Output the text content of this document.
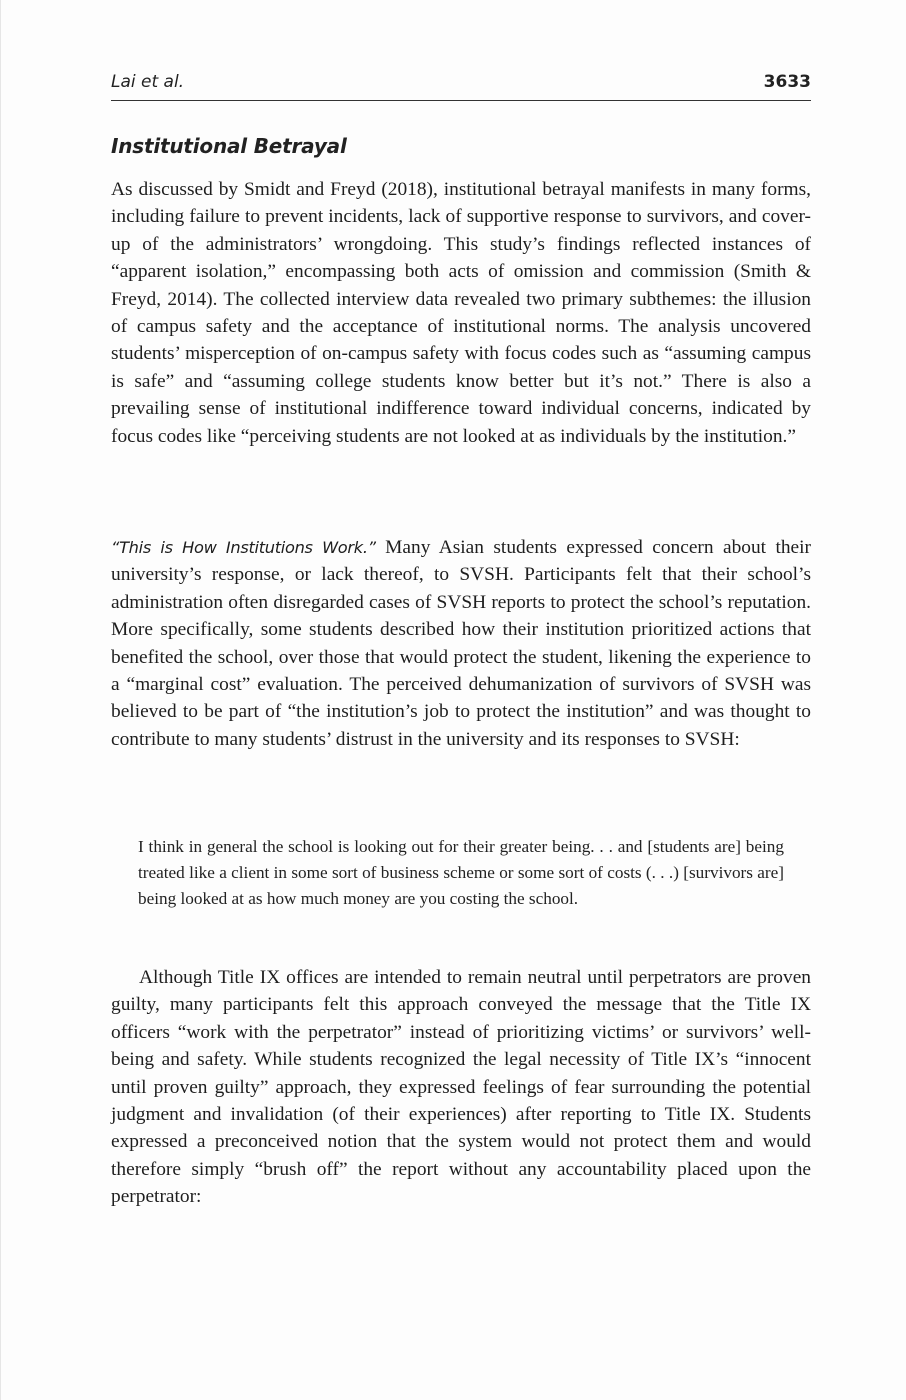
Lai et al.	3633
Institutional Betrayal

As discussed by Smidt and Freyd (2018), institutional betrayal manifests in many forms, including failure to prevent incidents, lack of supportive response to survivors, and cover-up of the administrators’ wrongdoing. This study’s findings reflected instances of “apparent isolation,” encompassing both acts of omission and commission (Smith & Freyd, 2014). The collected interview data revealed two primary subthemes: the illusion of campus safety and the acceptance of institutional norms. The analysis uncovered students’ misperception of on-campus safety with focus codes such as “assuming campus is safe” and “assuming college students know better but it’s not.” There is also a prevailing sense of institutional indifference toward individual concerns, indicated by focus codes like “perceiving students are not looked at as individuals by the institution.”

“This is How Institutions Work.” Many Asian students expressed concern about their university’s response, or lack thereof, to SVSH. Participants felt that their school’s administration often disregarded cases of SVSH reports to protect the school’s reputation. More specifically, some students described how their institution prioritized actions that benefited the school, over those that would protect the student, likening the experience to a “marginal cost” evaluation. The perceived dehumanization of survivors of SVSH was believed to be part of “the institution’s job to protect the institution” and was thought to contribute to many students’ distrust in the university and its responses to SVSH:

I think in general the school is looking out for their greater being. . . and [students are] being treated like a client in some sort of business scheme or some sort of costs (. . .) [survivors are] being looked at as how much money are you costing the school.

Although Title IX offices are intended to remain neutral until perpetrators are proven guilty, many participants felt this approach conveyed the message that the Title IX officers “work with the perpetrator” instead of prioritizing victims’ or survivors’ well-being and safety. While students recognized the legal necessity of Title IX’s “innocent until proven guilty” approach, they expressed feelings of fear surrounding the potential judgment and invalidation (of their experiences) after reporting to Title IX. Students expressed a preconceived notion that the system would not protect them and would therefore simply “brush off” the report without any accountability placed upon the perpetrator:
